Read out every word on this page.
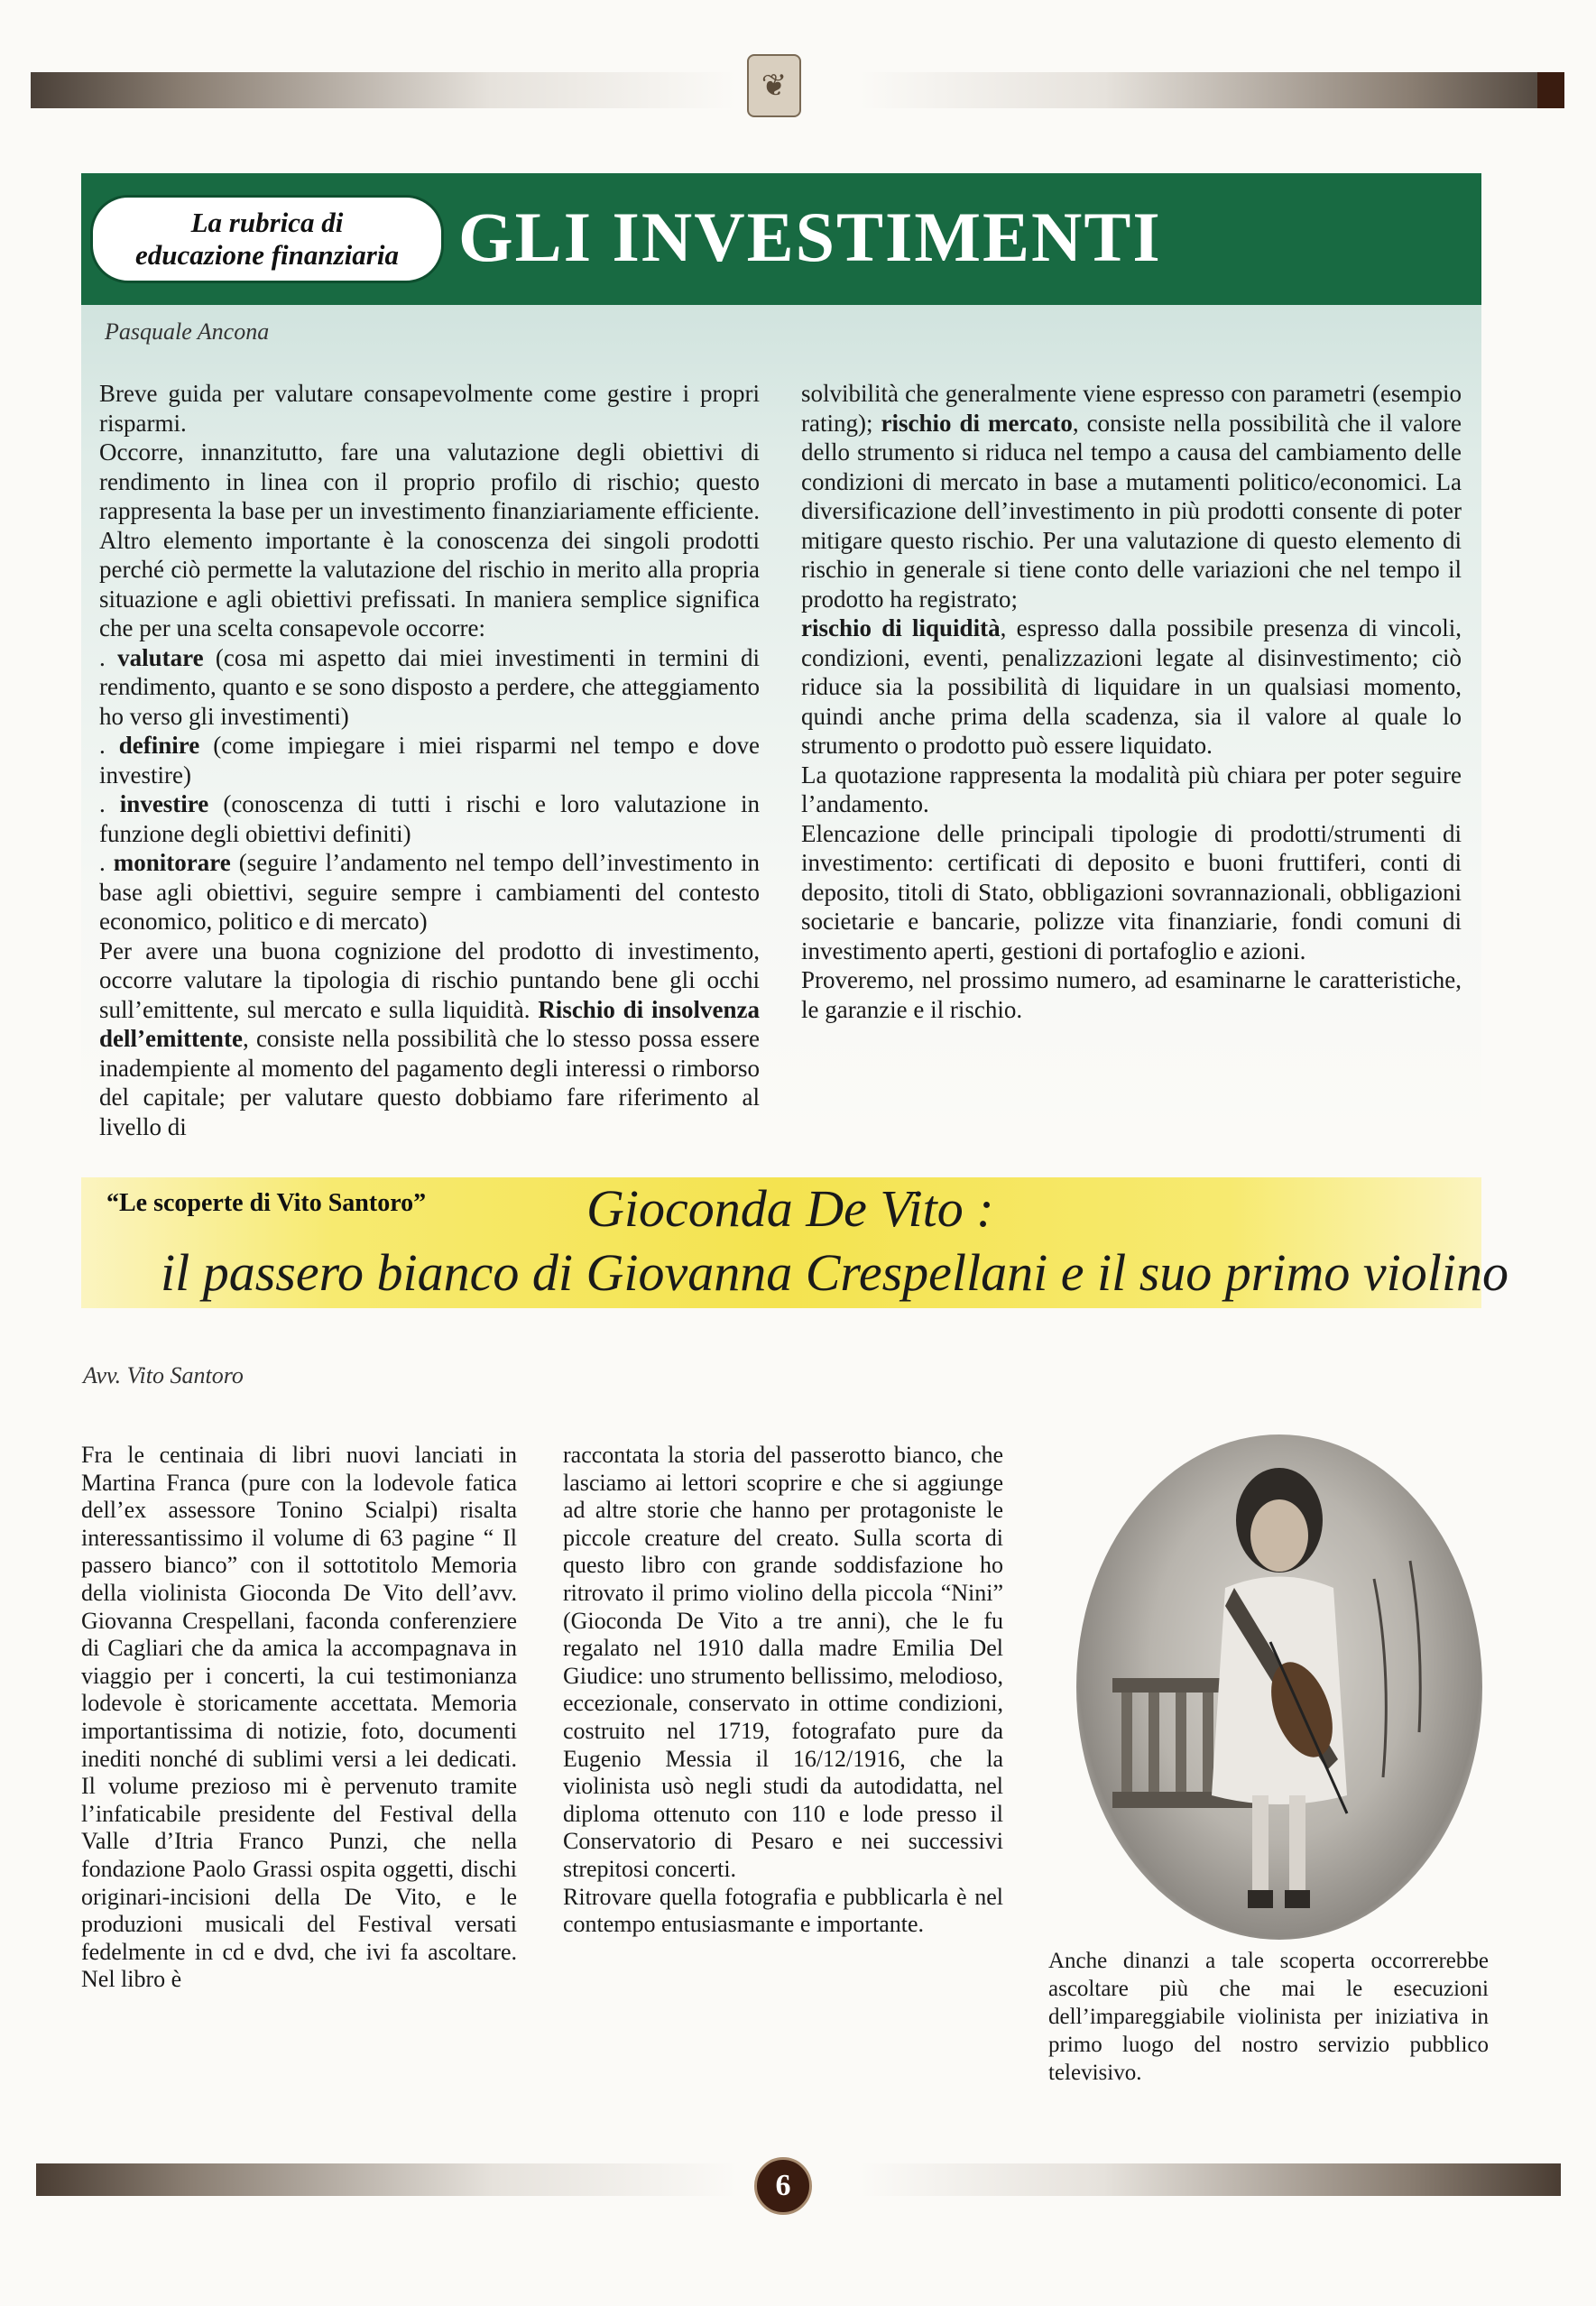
❦
La rubrica di
educazione finanziaria GLI INVESTIMENTI
Pasquale Ancona

Breve guida per valutare consapevolmente come gestire i propri risparmi.

Occorre, innanzitutto, fare una valutazione degli obiettivi di rendimento in linea con il proprio profilo di rischio; questo rappresenta la base per un investimento finanziariamente efficiente. Altro elemento importante è la conoscenza dei singoli prodotti perché ciò permette la valutazione del rischio in merito alla propria situazione e agli obiettivi prefissati. In maniera semplice significa che per una scelta consapevole occorre:

. valutare (cosa mi aspetto dai miei investimenti in termini di rendimento, quanto e se sono disposto a perdere, che atteggiamento ho verso gli investimenti)

. definire (come impiegare i miei risparmi nel tempo e dove investire)

. investire (conoscenza di tutti i rischi e loro valutazione in funzione degli obiettivi definiti)

. monitorare (seguire l’andamento nel tempo dell’investimento in base agli obiettivi, seguire sempre i cambiamenti del contesto economico, politico e di mercato)

Per avere una buona cognizione del prodotto di investimento, occorre valutare la tipologia di rischio puntando bene gli occhi sull’emittente, sul mercato e sulla liquidità. Rischio di insolvenza dell’emittente, consiste nella possibilità che lo stesso possa essere inadempiente al momento del pagamento degli interessi o rimborso del capitale; per valutare questo dobbiamo fare riferimento al livello di

solvibilità che generalmente viene espresso con parametri (esempio rating); rischio di mercato, consiste nella possibilità che il valore dello strumento si riduca nel tempo a causa del cambiamento delle condizioni di mercato in base a mutamenti politico/economici. La diversificazione dell’investimento in più prodotti consente di poter mitigare questo rischio. Per una valutazione di questo elemento di rischio in generale si tiene conto delle variazioni che nel tempo il prodotto ha registrato;

rischio di liquidità, espresso dalla possibile presenza di vincoli, condizioni, eventi, penalizzazioni legate al disinvestimento; ciò riduce sia la possibilità di liquidare in un qualsiasi momento, quindi anche prima della scadenza, sia il valore al quale lo strumento o prodotto può essere liquidato.

La quotazione rappresenta la modalità più chiara per poter seguire l’andamento.

Elencazione delle principali tipologie di prodotti/strumenti di investimento: certificati di deposito e buoni fruttiferi, conti di deposito, titoli di Stato, obbligazioni sovrannazionali, obbligazioni societarie e bancarie, polizze vita finanziarie, fondi comuni di investimento aperti, gestioni di portafoglio e azioni.

Proveremo, nel prossimo numero, ad esaminarne le caratteristiche, le garanzie e il rischio.

“Le scoperte di Vito Santoro”	Gioconda De Vito :
il passero bianco di Giovanna Crespellani e il suo primo violino
Avv. Vito Santoro

Fra le centinaia di libri nuovi lanciati in Martina Franca (pure con la lodevole fatica dell’ex assessore Tonino Scialpi) risalta interessantissimo il volume di 63 pagine “ Il passero bianco” con il sottotitolo Memoria della violinista Gioconda De Vito dell’avv. Giovanna Crespellani, faconda conferenziere di Cagliari che da amica la accompagnava in viaggio per i concerti, la cui testimonianza lodevole è storicamente accettata. Memoria importantissima di notizie, foto, documenti inediti nonché di sublimi versi a lei dedicati. Il volume prezioso mi è pervenuto tramite l’infaticabile presidente del Festival della Valle d’Itria Franco Punzi, che nella fondazione Paolo Grassi ospita oggetti, dischi originari-incisioni della De Vito, e le produzioni musicali del Festival versati fedelmente in cd e dvd, che ivi fa ascoltare. Nel libro è

raccontata la storia del passerotto bianco, che lasciamo ai lettori scoprire e che si aggiunge ad altre storie che hanno per protagoniste le piccole creature del creato. Sulla scorta di questo libro con grande soddisfazione ho ritrovato il primo violino della piccola “Nini” (Gioconda De Vito a tre anni), che le fu regalato nel 1910 dalla madre Emilia Del Giudice: uno strumento bellissimo, melodioso, eccezionale, conservato in ottime condizioni, costruito nel 1719, fotografato pure da Eugenio Messia il 16/12/1916, che la violinista usò negli studi da autodidatta, nel diploma ottenuto con 110 e lode presso il Conservatorio di Pesaro e nei successivi strepitosi concerti.

Ritrovare quella fotografia e pubblicarla è nel contempo entusiasmante e importante.

Anche dinanzi a tale scoperta occorrerebbe ascoltare più che mai le esecuzioni dell’impareggiabile violinista per iniziativa in primo luogo del nostro servizio pubblico televisivo.

6
